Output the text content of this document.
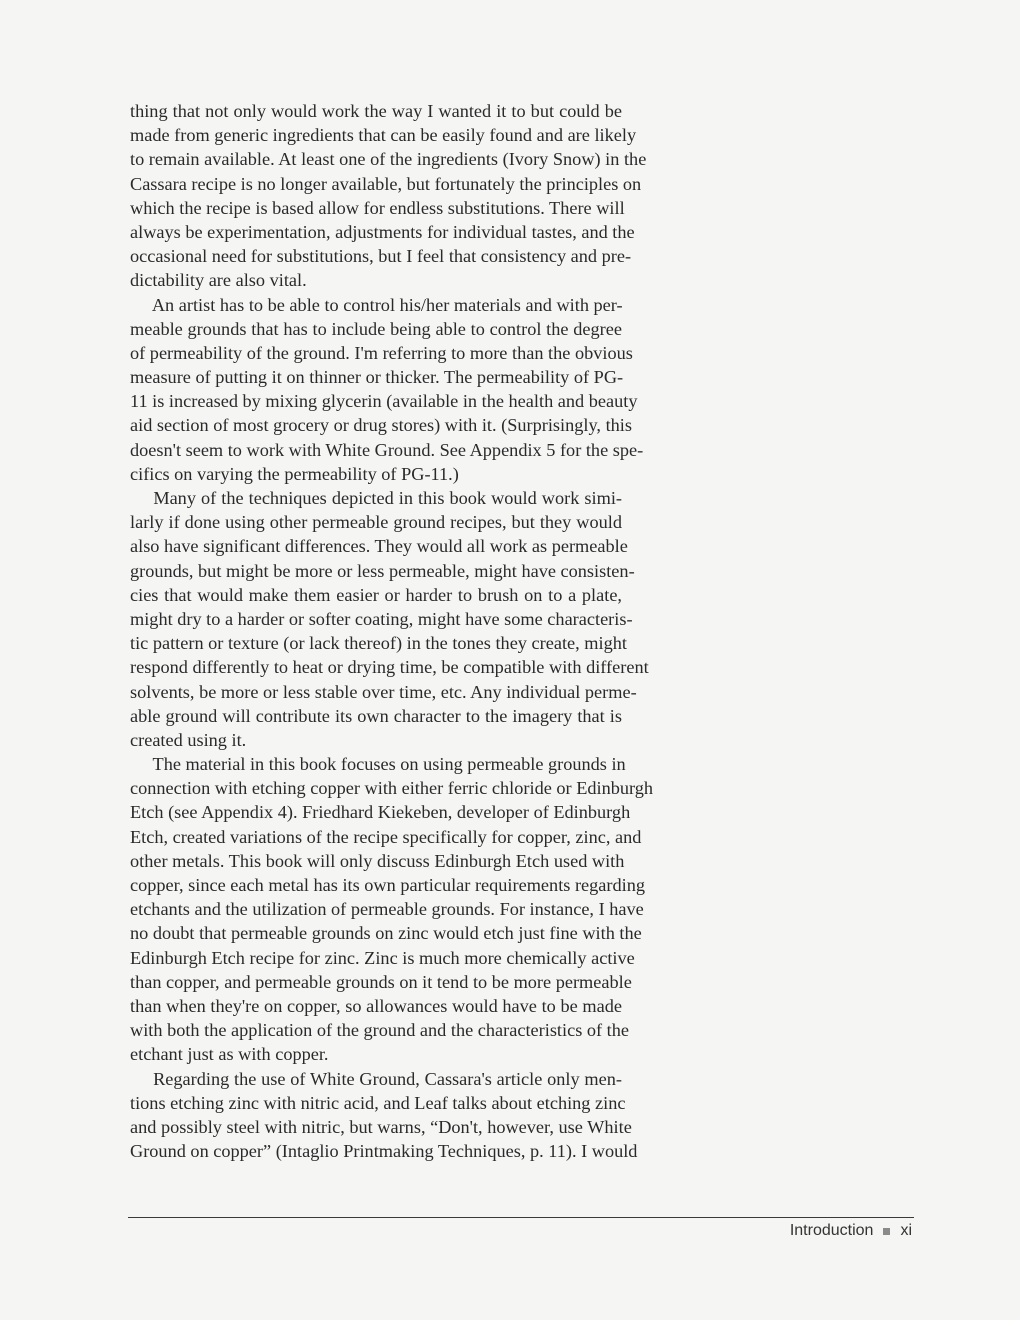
thing that not only would work the way I wanted it to but could be
made from generic ingredients that can be easily found and are likely
to remain available. At least one of the ingredients (Ivory Snow) in the
Cassara recipe is no longer available, but fortunately the principles on
which the recipe is based allow for endless substitutions. There will
always be experimentation, adjustments for individual tastes, and the
occasional need for substitutions, but I feel that consistency and pre-
dictability are also vital.

  An artist has to be able to control his/her materials and with per-
meable grounds that has to include being able to control the degree
of permeability of the ground. I'm referring to more than the obvious
measure of putting it on thinner or thicker. The permeability of PG-
11 is increased by mixing glycerin (available in the health and beauty
aid section of most grocery or drug stores) with it. (Surprisingly, this
doesn't seem to work with White Ground. See Appendix 5 for the spe-
cifics on varying the permeability of PG-11.)

  Many of the techniques depicted in this book would work simi-
larly if done using other permeable ground recipes, but they would
also have significant differences. They would all work as permeable
grounds, but might be more or less permeable, might have consisten-
cies that would make them easier or harder to brush on to a plate,
might dry to a harder or softer coating, might have some characteris-
tic pattern or texture (or lack thereof) in the tones they create, might
respond differently to heat or drying time, be compatible with different
solvents, be more or less stable over time, etc. Any individual perme-
able ground will contribute its own character to the imagery that is
created using it.

  The material in this book focuses on using permeable grounds in
connection with etching copper with either ferric chloride or Edinburgh
Etch (see Appendix 4). Friedhard Kiekeben, developer of Edinburgh
Etch, created variations of the recipe specifically for copper, zinc, and
other metals. This book will only discuss Edinburgh Etch used with
copper, since each metal has its own particular requirements regarding
etchants and the utilization of permeable grounds. For instance, I have
no doubt that permeable grounds on zinc would etch just fine with the
Edinburgh Etch recipe for zinc. Zinc is much more chemically active
than copper, and permeable grounds on it tend to be more permeable
than when they're on copper, so allowances would have to be made
with both the application of the ground and the characteristics of the
etchant just as with copper.

  Regarding the use of White Ground, Cassara's article only men-
tions etching zinc with nitric acid, and Leaf talks about etching zinc
and possibly steel with nitric, but warns, “Don't, however, use White
Ground on copper” (Intaglio Printmaking Techniques, p. 11). I would

Introduction xi
